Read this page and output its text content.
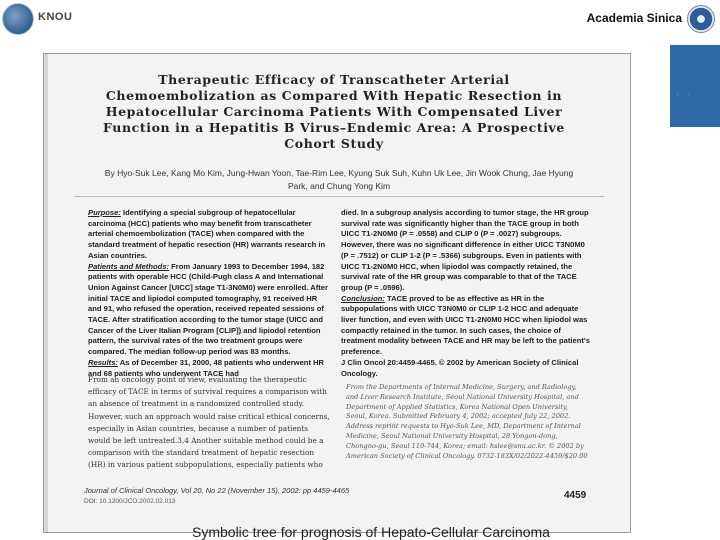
KNOU	Academia Sinica
· ·
Therapeutic Efficacy of Transcatheter Arterial Chemoembolization as Compared With Hepatic Resection in Hepatocellular Carcinoma Patients With Compensated Liver Function in a Hepatitis B Virus–Endemic Area: A Prospective Cohort Study
By Hyo-Suk Lee, Kang Mo Kim, Jung-Hwan Yoon, Tae-Rim Lee, Kyung Suk Suh, Kuhn Uk Lee, Jin Wook Chung, Jae Hyung Park, and Chung Yong Kim

Purpose: Identifying a special subgroup of hepatocellular carcinoma (HCC) patients who may benefit from transcatheter arterial chemoembolization (TACE) when compared with the standard treatment of hepatic resection (HR) warrants research in Asian countries.

Patients and Methods: From January 1993 to December 1994, 182 patients with operable HCC (Child-Pugh class A and International Union Against Cancer [UICC] stage T1-3N0M0) were enrolled. After initial TACE and lipiodol computed tomography, 91 received HR and 91, who refused the operation, received repeated sessions of TACE. After stratification according to the tumor stage (UICC and Cancer of the Liver Italian Program [CLIP]) and lipiodol retention pattern, the survival rates of the two treatment groups were compared. The median follow-up period was 83 months.

Results: As of December 31, 2000, 48 patients who underwent HR and 68 patients who underwent TACE had

died. In a subgroup analysis according to tumor stage, the HR group survival rate was significantly higher than the TACE group in both UICC T1-2N0M0 (P = .0558) and CLIP 0 (P = .0027) subgroups. However, there was no significant difference in either UICC T3N0M0 (P = .7512) or CLIP 1-2 (P = .5366) subgroups. Even in patients with UICC T1-2N0M0 HCC, when lipiodol was compactly retained, the survival rate of the HR group was comparable to that of the TACE group (P = .0596).

Conclusion: TACE proved to be as effective as HR in the subpopulations with UICC T3N0M0 or CLIP 1-2 HCC and adequate liver function, and even with UICC T1-2N0M0 HCC when lipiodol was compactly retained in the tumor. In such cases, the choice of treatment modality between TACE and HR may be left to the patient's preference.

J Clin Oncol 20:4459-4465. © 2002 by American Society of Clinical Oncology.

From an oncology point of view, evaluating the therapeutic efficacy of TACE in terms of survival requires a comparison with an absence of treatment in a randomized controlled study. However, such an approach would raise critical ethical concerns, especially in Asian countries, because a number of patients would be left untreated.3,4 Another suitable method could be a comparison with the standard treatment of hepatic resection (HR) in various patient subpopulations, especially patients who
From the Departments of Internal Medicine, Surgery, and Radiology, and Liver Research Institute, Seoul National University Hospital, and Department of Applied Statistics, Korea National Open University, Seoul, Korea. Submitted February 4, 2002; accepted July 22, 2002. Address reprint requests to Hyo-Suk Lee, MD, Department of Internal Medicine, Seoul National University Hospital, 28 Yongon-dong, Chongno-gu, Seoul 110-744, Korea; email: hslee@snu.ac.kr. © 2002 by American Society of Clinical Oncology. 0732-183X/02/2022-4459/$20.00
Journal of Clinical Oncology, Vol 20, No 22 (November 15), 2002: pp 4459-4465
DOI: 10.1200/JCO.2002.02.013
4459
Symbolic tree for prognosis of Hepato-Cellular Carcinoma
